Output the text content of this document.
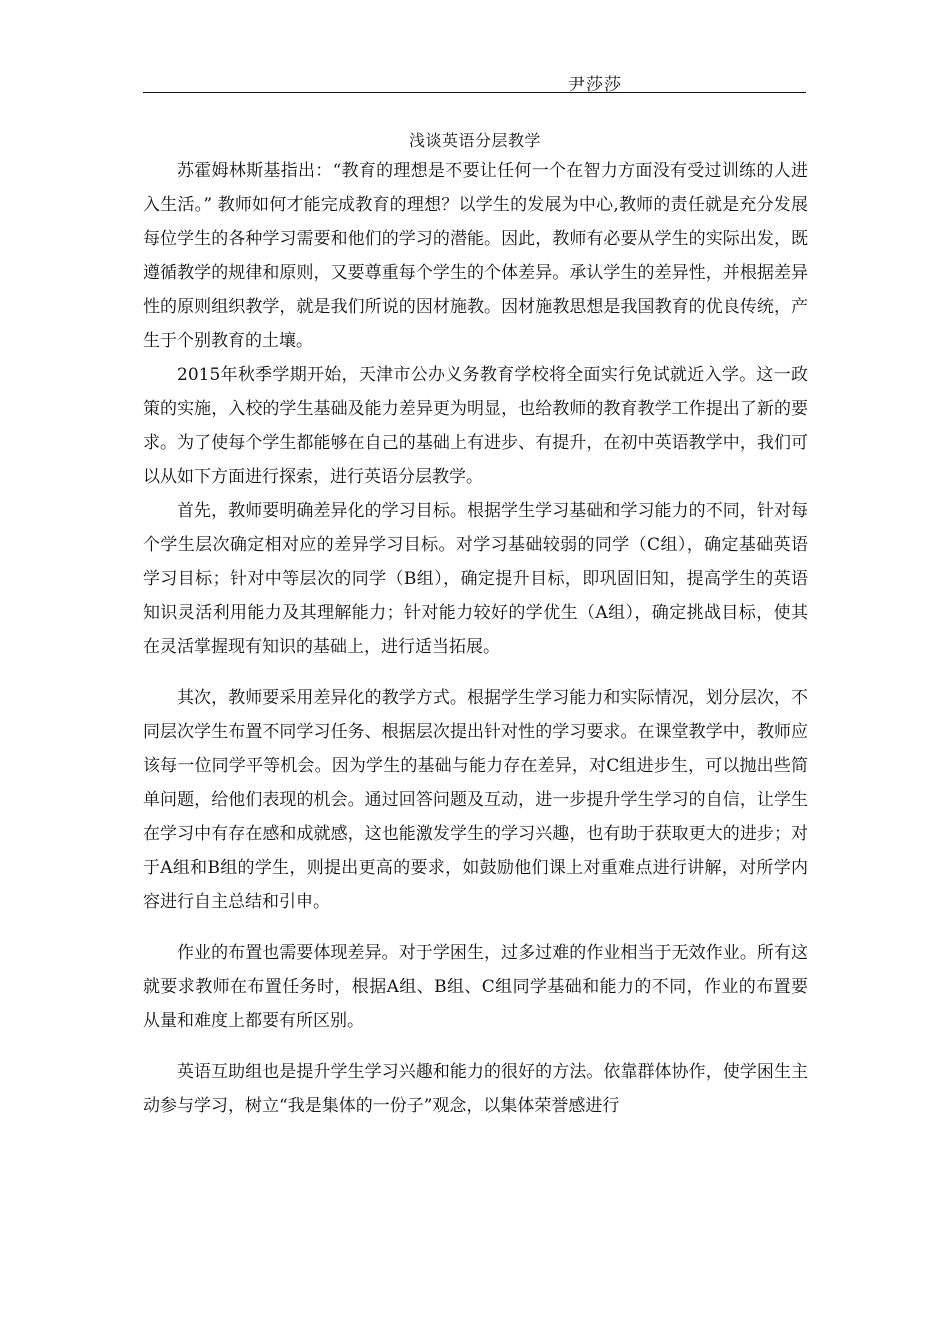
尹莎莎
浅谈英语分层教学

苏霍姆林斯基指出：“教育的理想是不要让任何一个在智力方面没有受过训练的人进入生活。” 教师如何才能完成教育的理想？以学生的发展为中心,教师的责任就是充分发展每位学生的各种学习需要和他们的学习的潜能。因此，教师有必要从学生的实际出发，既遵循教学的规律和原则，又要尊重每个学生的个体差异。承认学生的差异性，并根据差异性的原则组织教学，就是我们所说的因材施教。因材施教思想是我国教育的优良传统，产生于个别教育的土壤。

2015年秋季学期开始，天津市公办义务教育学校将全面实行免试就近入学。这一政策的实施，入校的学生基础及能力差异更为明显，也给教师的教育教学工作提出了新的要求。为了使每个学生都能够在自己的基础上有进步、有提升，在初中英语教学中，我们可以从如下方面进行探索，进行英语分层教学。

首先，教师要明确差异化的学习目标。根据学生学习基础和学习能力的不同，针对每个学生层次确定相对应的差异学习目标。对学习基础较弱的同学（C组），确定基础英语学习目标；针对中等层次的同学（B组），确定提升目标，即巩固旧知，提高学生的英语知识灵活利用能力及其理解能力；针对能力较好的学优生（A组），确定挑战目标，使其在灵活掌握现有知识的基础上，进行适当拓展。

其次，教师要采用差异化的教学方式。根据学生学习能力和实际情况，划分层次，不同层次学生布置不同学习任务、根据层次提出针对性的学习要求。在课堂教学中，教师应该每一位同学平等机会。因为学生的基础与能力存在差异，对C组进步生，可以抛出些简单问题，给他们表现的机会。通过回答问题及互动，进一步提升学生学习的自信，让学生在学习中有存在感和成就感，这也能激发学生的学习兴趣，也有助于获取更大的进步；对于A组和B组的学生，则提出更高的要求，如鼓励他们课上对重难点进行讲解，对所学内容进行自主总结和引申。

作业的布置也需要体现差异。对于学困生，过多过难的作业相当于无效作业。所有这就要求教师在布置任务时，根据A组、B组、C组同学基础和能力的不同，作业的布置要从量和难度上都要有所区别。

英语互助组也是提升学生学习兴趣和能力的很好的方法。依靠群体协作，使学困生主动参与学习，树立“我是集体的一份子”观念，以集体荣誉感进行
